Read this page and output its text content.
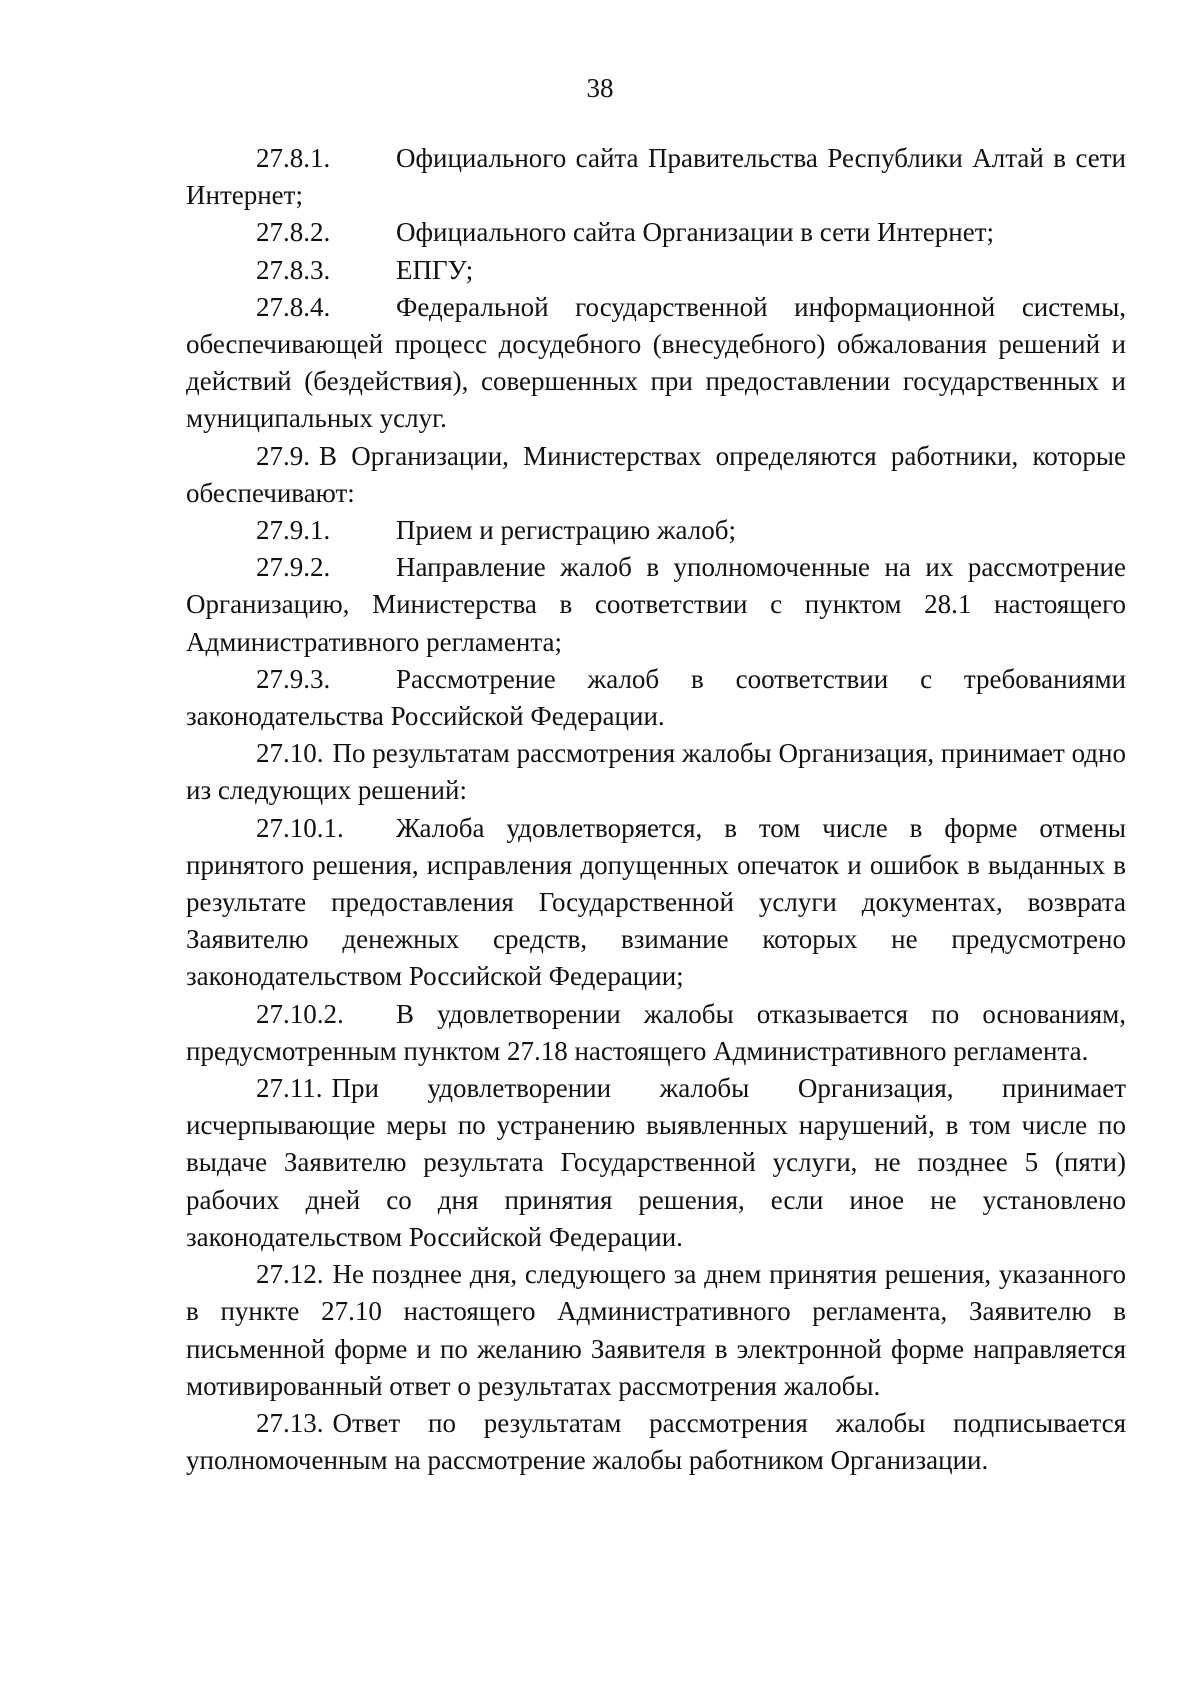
38

27.8.1. Официального сайта Правительства Республики Алтай в сети Интернет;

27.8.2. Официального сайта Организации в сети Интернет;

27.8.3. ЕПГУ;

27.8.4. Федеральной государственной информационной системы, обеспечивающей процесс досудебного (внесудебного) обжалования решений и действий (бездействия), совершенных при предоставлении государственных и муниципальных услуг.

27.9. В Организации, Министерствах определяются работники, которые обеспечивают:

27.9.1. Прием и регистрацию жалоб;

27.9.2. Направление жалоб в уполномоченные на их рассмотрение Организацию, Министерства в соответствии с пунктом 28.1 настоящего Административного регламента;

27.9.3. Рассмотрение жалоб в соответствии с требованиями законодательства Российской Федерации.

27.10. По результатам рассмотрения жалобы Организация, принимает одно из следующих решений:

27.10.1. Жалоба удовлетворяется, в том числе в форме отмены принятого решения, исправления допущенных опечаток и ошибок в выданных в результате предоставления Государственной услуги документах, возврата Заявителю денежных средств, взимание которых не предусмотрено законодательством Российской Федерации;

27.10.2. В удовлетворении жалобы отказывается по основаниям, предусмотренным пунктом 27.18 настоящего Административного регламента.

27.11. При удовлетворении жалобы Организация, принимает исчерпывающие меры по устранению выявленных нарушений, в том числе по выдаче Заявителю результата Государственной услуги, не позднее 5 (пяти) рабочих дней со дня принятия решения, если иное не установлено законодательством Российской Федерации.

27.12. Не позднее дня, следующего за днем принятия решения, указанного в пункте 27.10 настоящего Административного регламента, Заявителю в письменной форме и по желанию Заявителя в электронной форме направляется мотивированный ответ о результатах рассмотрения жалобы.

27.13. Ответ по результатам рассмотрения жалобы подписывается уполномоченным на рассмотрение жалобы работником Организации.
